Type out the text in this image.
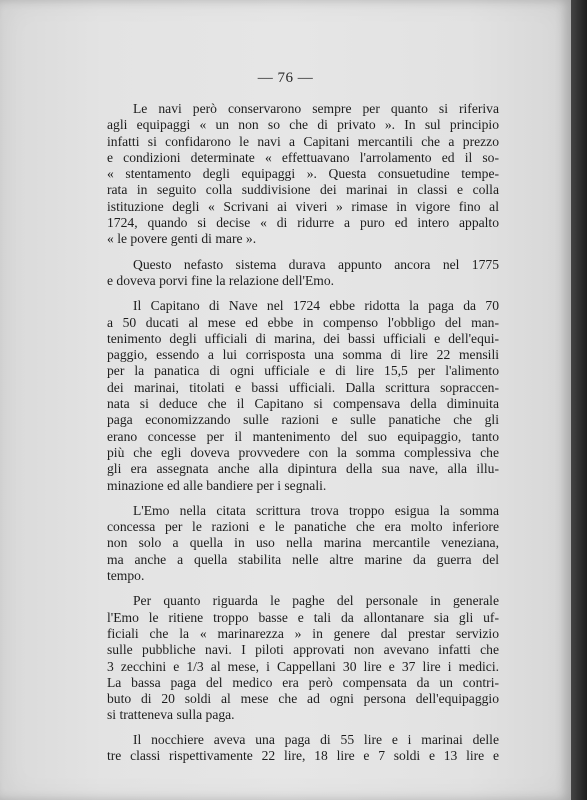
— 76 —

Le navi però conservarono sempre per quanto si riferiva
agli equipaggi « un non so che di privato ». In sul principio
infatti si confidarono le navi a Capitani mercantili che a prezzo
e condizioni determinate « effettuavano l'arrolamento ed il so-
« stentamento degli equipaggi ». Questa consuetudine tempe-
rata in seguito colla suddivisione dei marinai in classi e colla
istituzione degli « Scrivani ai viveri » rimase in vigore fino al
1724, quando si decise « di ridurre a puro ed intero appalto
« le povere genti di mare ».

Questo nefasto sistema durava appunto ancora nel 1775
e doveva porvi fine la relazione dell'Emo.

Il Capitano di Nave nel 1724 ebbe ridotta la paga da 70
a 50 ducati al mese ed ebbe in compenso l'obbligo del man-
tenimento degli ufficiali di marina, dei bassi ufficiali e dell'equi-
paggio, essendo a lui corrisposta una somma di lire 22 mensili
per la panatica di ogni ufficiale e di lire 15,5 per l'alimento
dei marinai, titolati e bassi ufficiali. Dalla scrittura sopraccen-
nata si deduce che il Capitano si compensava della diminuita
paga economizzando sulle razioni e sulle panatiche che gli
erano concesse per il mantenimento del suo equipaggio, tanto
più che egli doveva provvedere con la somma complessiva che
gli era assegnata anche alla dipintura della sua nave, alla illu-
minazione ed alle bandiere per i segnali.

L'Emo nella citata scrittura trova troppo esigua la somma
concessa per le razioni e le panatiche che era molto inferiore
non solo a quella in uso nella marina mercantile veneziana,
ma anche a quella stabilita nelle altre marine da guerra del
tempo.

Per quanto riguarda le paghe del personale in generale
l'Emo le ritiene troppo basse e tali da allontanare sia gli uf-
ficiali che la « marinarezza » in genere dal prestar servizio
sulle pubbliche navi. I piloti approvati non avevano infatti che
3 zecchini e 1/3 al mese, i Cappellani 30 lire e 37 lire i medici.
La bassa paga del medico era però compensata da un contri-
buto di 20 soldi al mese che ad ogni persona dell'equipaggio
si tratteneva sulla paga.

Il nocchiere aveva una paga di 55 lire e i marinai delle
tre classi rispettivamente 22 lire, 18 lire e 7 soldi e 13 lire e
